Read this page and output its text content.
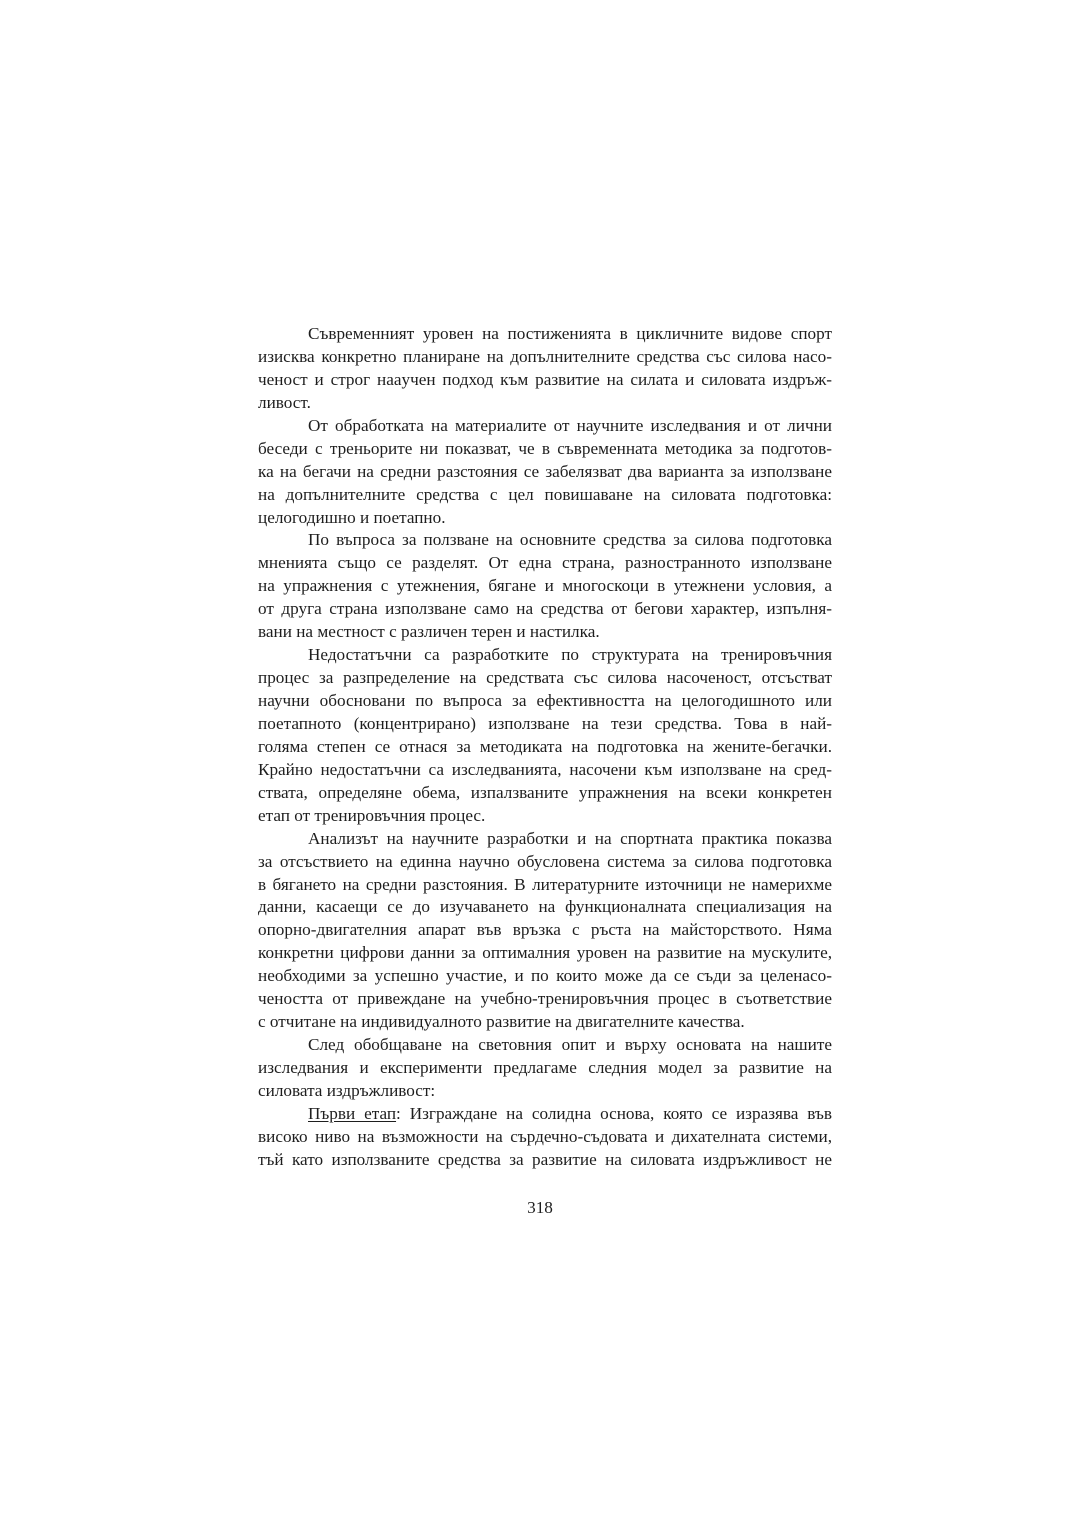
Съвременният уровен на постиженията в цикличните видове спорт
изисква конкретно планиране на допълнителните средства със силова насо-
ченост и строг наaучен подход към развитие на силата и силовата издръж-
ливост.
От обработката на материалите от научните изследвания и от лични
беседи с треньорите ни показват, че в съвременната методика за подготов-
ка на бегачи на средни разстояния се забелязват два варианта за използване
на допълнителните средства с цел повишаване на силовата подготовка:
целогодишно и поетапно.
По въпроса за ползване на основните средства за силова подготовка
мненията също се разделят. От една страна, разностранното използване
на упражнения с утежнения, бягане и многоскоци в утежнени условия, а
от друга страна използване само на средства от бегови характер, изпълня-
вани на местност с различен терен и настилка.
Недостатъчни са разработките по структурата на тренировъчния
процес за разпределение на средствата със силова насоченост, отсъстват
научни обосновани по въпроса за ефективността на целогодишното или
поетапното (концентрирано) използване на тези средства. Това в най-
голяма степен се отнася за методиката на подготовка на жените-бегачки.
Крайно недостатъчни са изследванията, насочени към използване на сред-
ствата, определяне обема, изпалзваните упражнения на всеки конкретен
етап от тренировъчния процес.
Анализът на научните разработки и на спортната практика показва
за отсъствието на единна научно обусловена система за силова подготовка
в бягането на средни разстояния. В литературните източници не намерихме
данни, касаещи се до изучаването на функционалната специализация на
опорно-двигателния апарат във връзка с ръста на майсторството. Няма
конкретни цифрови данни за оптималния уровен на развитие на мускулите,
необходими за успешно участие, и по които може да се съди за целенасо-
чеността от привеждане на учебно-тренировъчния процес в съответствие
с отчитане на индивидуалното развитие на двигателните качества.
След обобщаване на световния опит и върху основата на нашите
изследвания и експерименти предлагаме следния модел за развитие на
силовата издръжливост:
Първи етап: Изграждане на солидна основа, която се изразява във
високо ниво на възможности на сърдечно-съдовата и дихателната системи,
тъй като използваните средства за развитие на силовата издръжливост не
318
